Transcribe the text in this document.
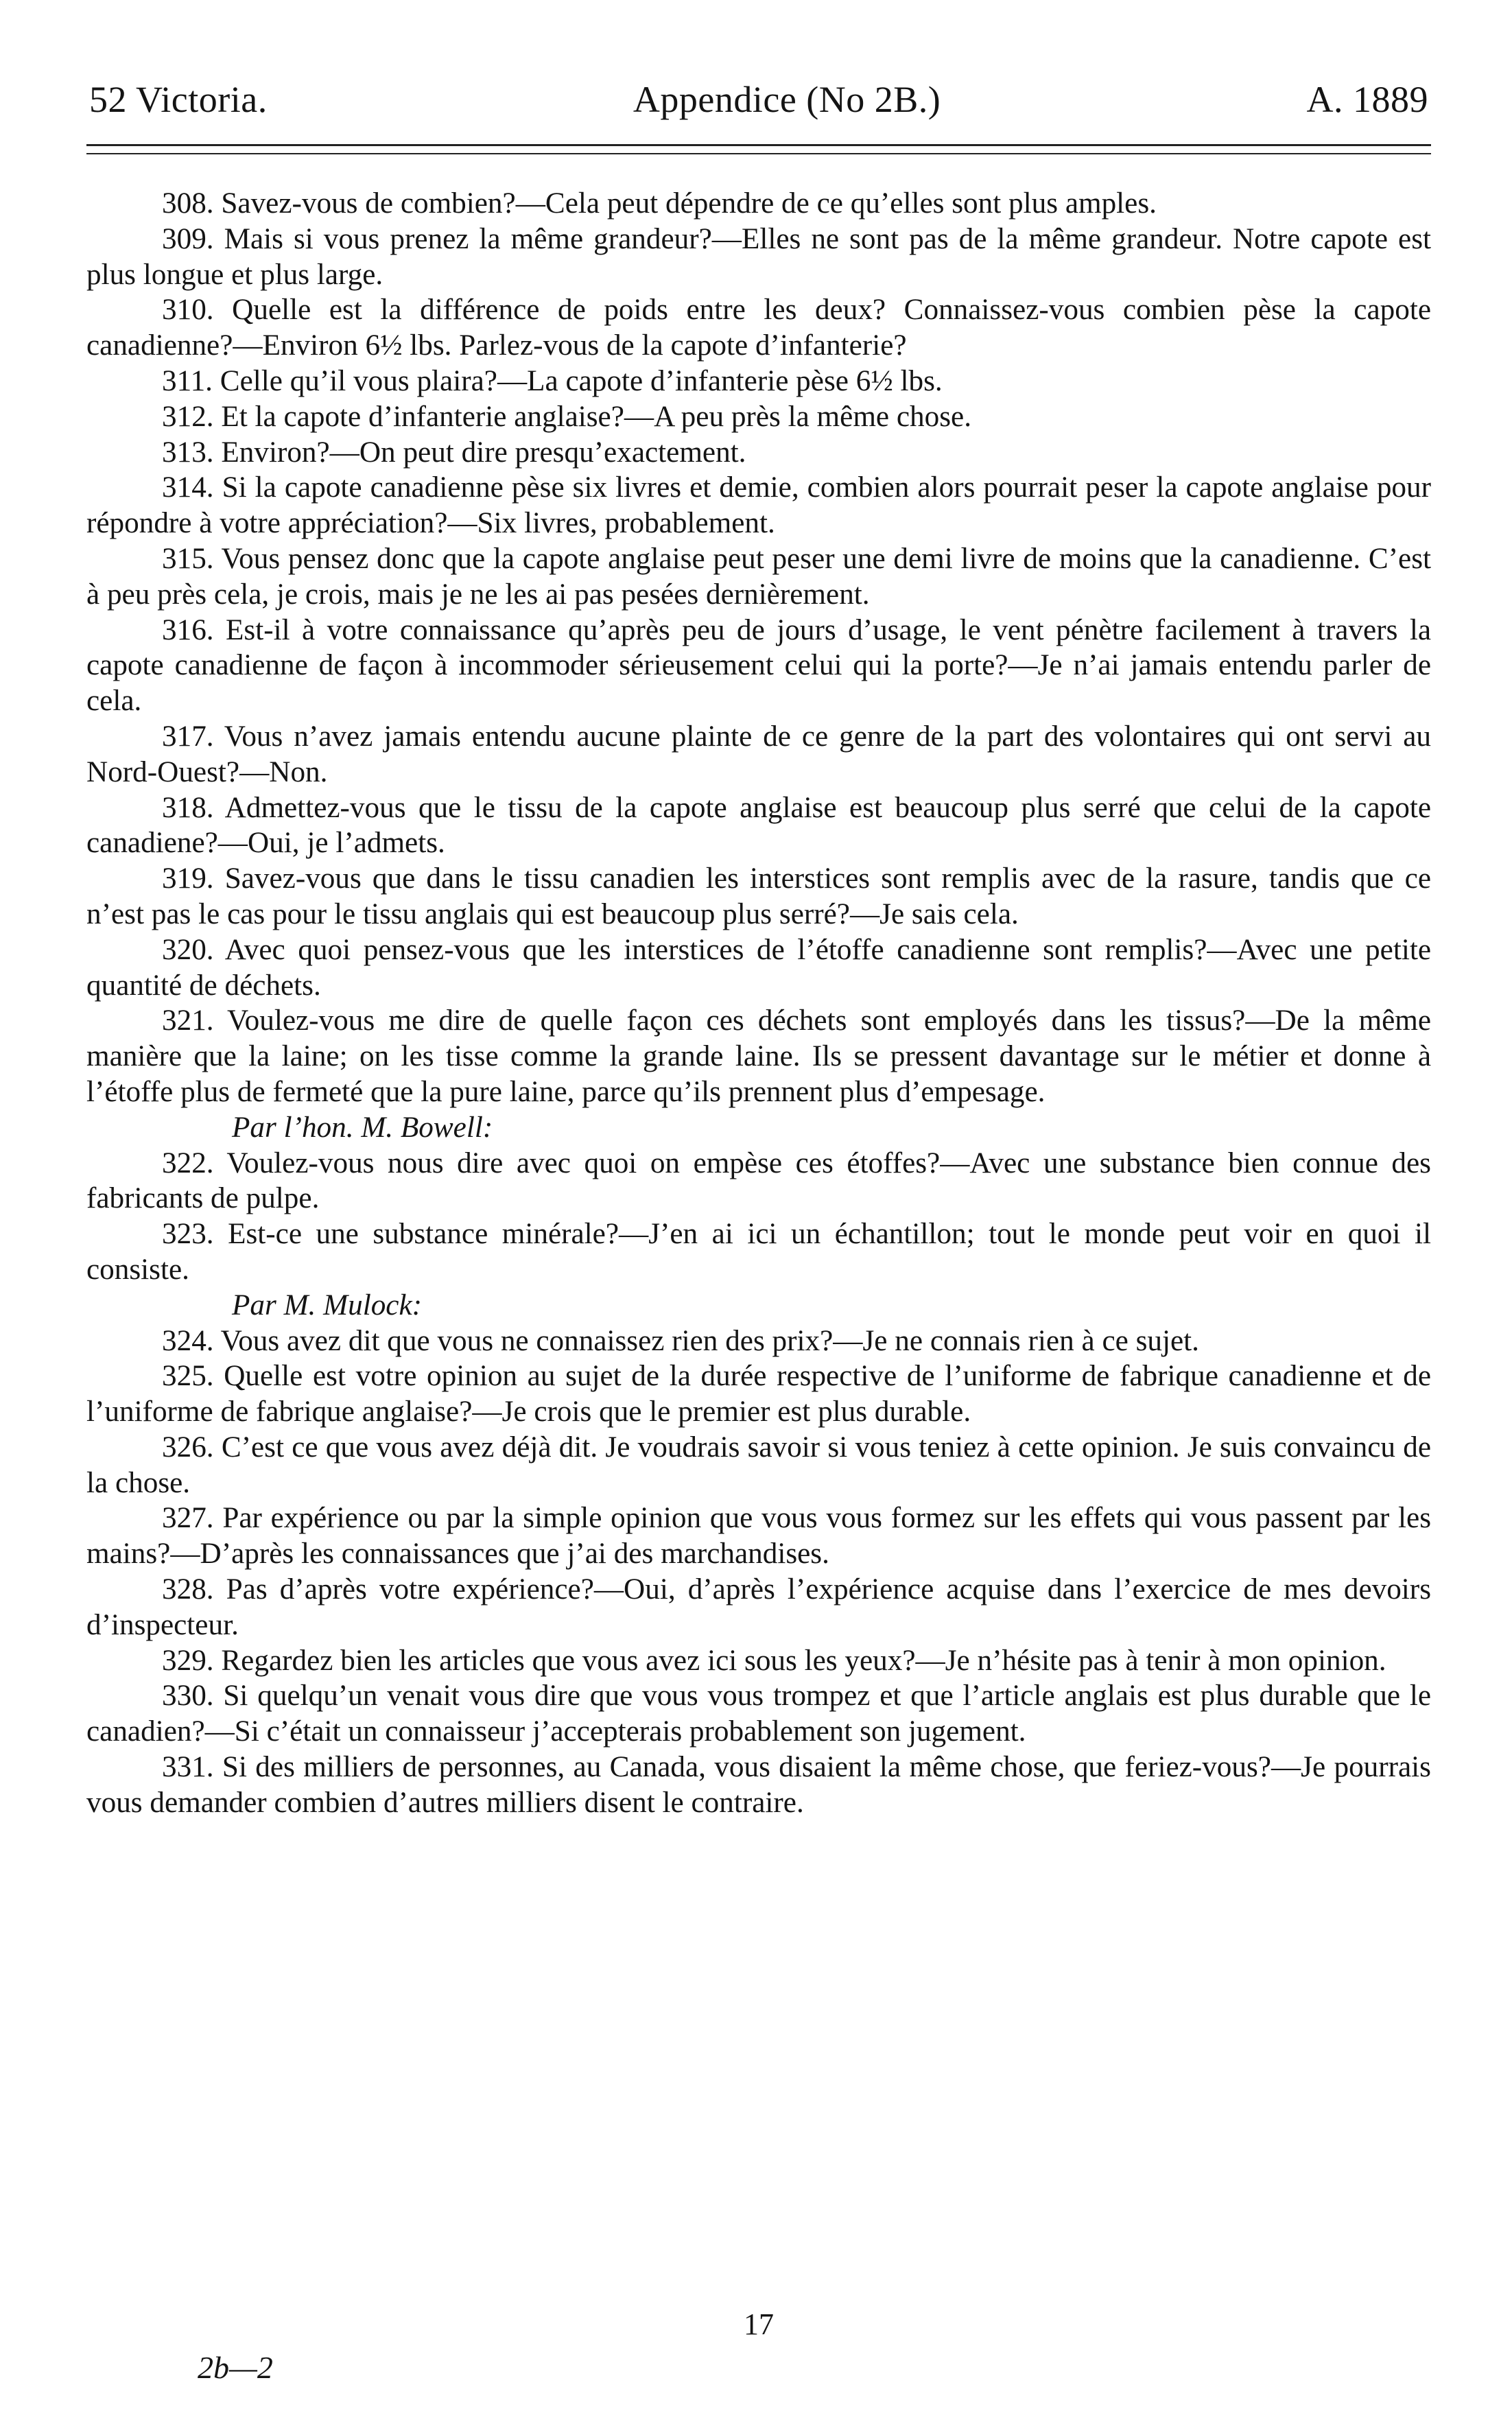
52 Victoria.	Appendice (No 2B.)	A. 1889

308. Savez-vous de combien?—Cela peut dépendre de ce qu’elles sont plus amples.

309. Mais si vous prenez la même grandeur?—Elles ne sont pas de la même grandeur. Notre capote est plus longue et plus large.

310. Quelle est la différence de poids entre les deux? Connaissez-vous combien pèse la capote canadienne?—Environ 6½ lbs. Parlez-vous de la capote d’infanterie?

311. Celle qu’il vous plaira?—La capote d’infanterie pèse 6½ lbs.

312. Et la capote d’infanterie anglaise?—A peu près la même chose.

313. Environ?—On peut dire presqu’exactement.

314. Si la capote canadienne pèse six livres et demie, combien alors pourrait peser la capote anglaise pour répondre à votre appréciation?—Six livres, probablement.

315. Vous pensez donc que la capote anglaise peut peser une demi livre de moins que la canadienne. C’est à peu près cela, je crois, mais je ne les ai pas pesées dernièrement.

316. Est-il à votre connaissance qu’après peu de jours d’usage, le vent pénètre facilement à travers la capote canadienne de façon à incommoder sérieusement celui qui la porte?—Je n’ai jamais entendu parler de cela.

317. Vous n’avez jamais entendu aucune plainte de ce genre de la part des volontaires qui ont servi au Nord-Ouest?—Non.

318. Admettez-vous que le tissu de la capote anglaise est beaucoup plus serré que celui de la capote canadiene?—Oui, je l’admets.

319. Savez-vous que dans le tissu canadien les interstices sont remplis avec de la rasure, tandis que ce n’est pas le cas pour le tissu anglais qui est beaucoup plus serré?—Je sais cela.

320. Avec quoi pensez-vous que les interstices de l’étoffe canadienne sont remplis?—Avec une petite quantité de déchets.

321. Voulez-vous me dire de quelle façon ces déchets sont employés dans les tissus?—De la même manière que la laine; on les tisse comme la grande laine. Ils se pressent davantage sur le métier et donne à l’étoffe plus de fermeté que la pure laine, parce qu’ils prennent plus d’empesage.

Par l’hon. M. Bowell:

322. Voulez-vous nous dire avec quoi on empèse ces étoffes?—Avec une substance bien connue des fabricants de pulpe.

323. Est-ce une substance minérale?—J’en ai ici un échantillon; tout le monde peut voir en quoi il consiste.

Par M. Mulock:

324. Vous avez dit que vous ne connaissez rien des prix?—Je ne connais rien à ce sujet.

325. Quelle est votre opinion au sujet de la durée respective de l’uniforme de fabrique canadienne et de l’uniforme de fabrique anglaise?—Je crois que le premier est plus durable.

326. C’est ce que vous avez déjà dit. Je voudrais savoir si vous teniez à cette opinion. Je suis convaincu de la chose.

327. Par expérience ou par la simple opinion que vous vous formez sur les effets qui vous passent par les mains?—D’après les connaissances que j’ai des marchandises.

328. Pas d’après votre expérience?—Oui, d’après l’expérience acquise dans l’exercice de mes devoirs d’inspecteur.

329. Regardez bien les articles que vous avez ici sous les yeux?—Je n’hésite pas à tenir à mon opinion.

330. Si quelqu’un venait vous dire que vous vous trompez et que l’article anglais est plus durable que le canadien?—Si c’était un connaisseur j’accepterais probablement son jugement.

331. Si des milliers de personnes, au Canada, vous disaient la même chose, que feriez-vous?—Je pourrais vous demander combien d’autres milliers disent le contraire.

17
2b—2
